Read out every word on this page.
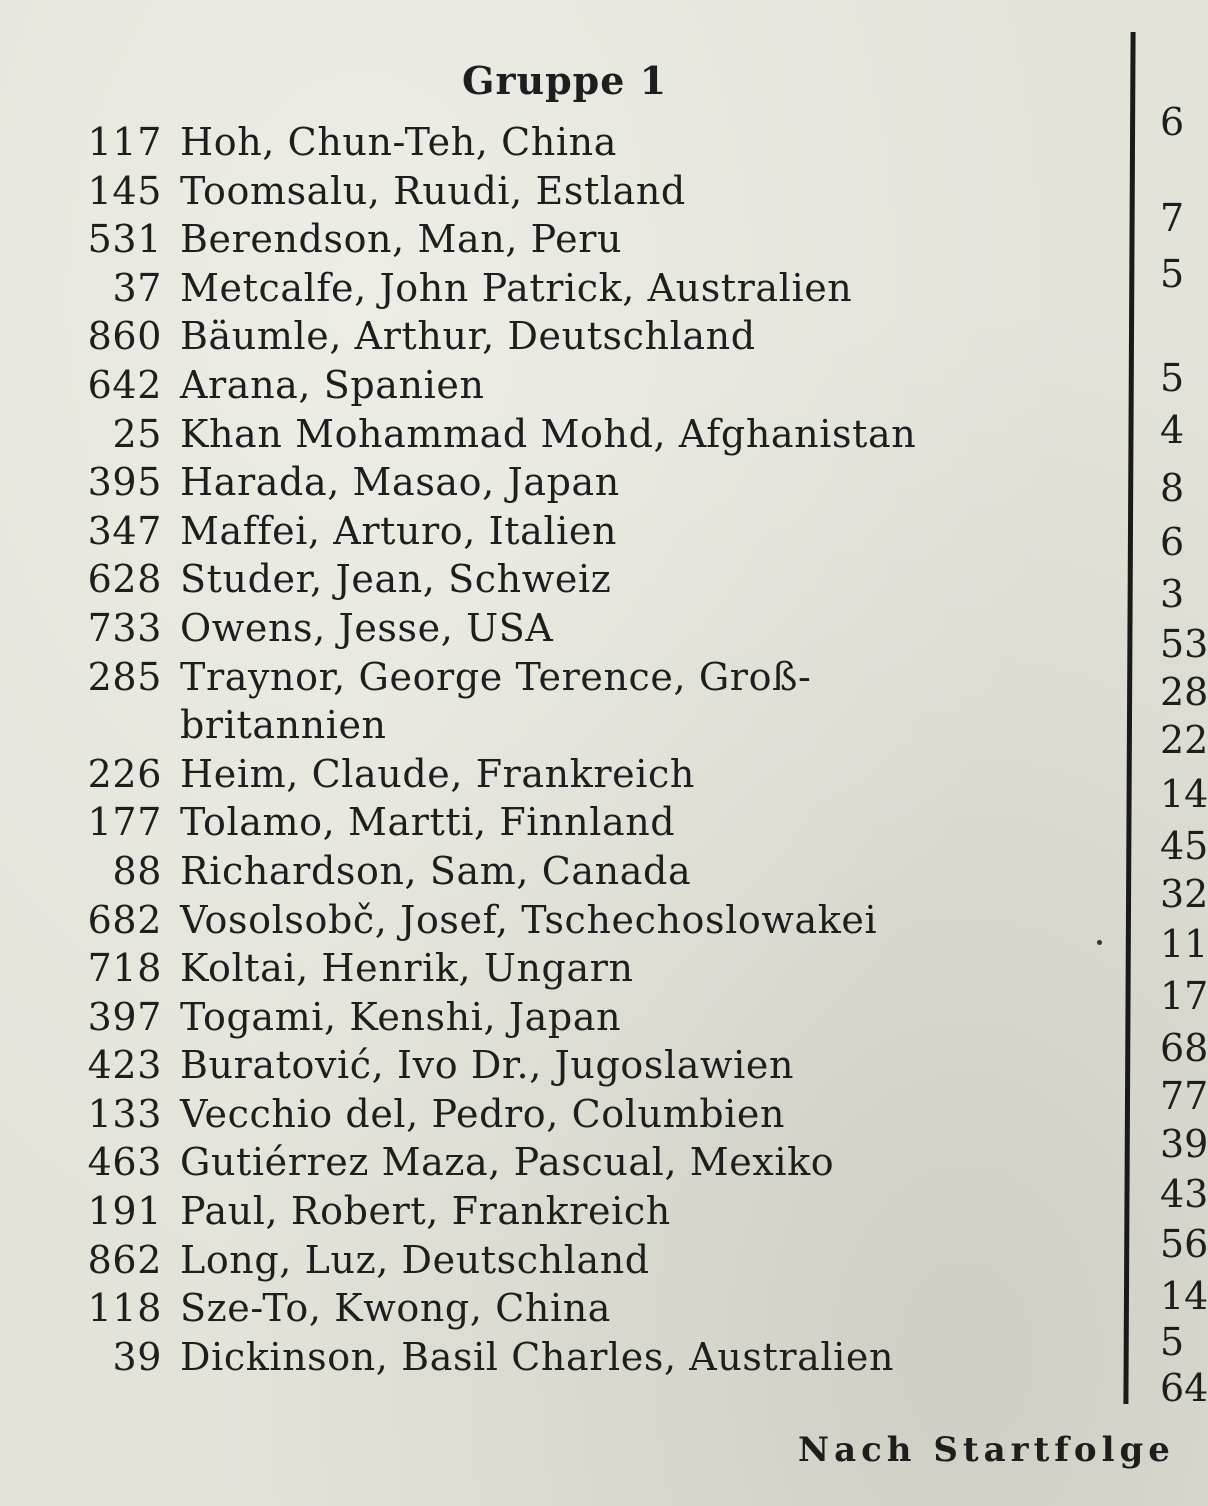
Gruppe 1
117 Hoh, Chun-Teh, China
145 Toomsalu, Ruudi, Estland
531 Berendson, Man, Peru
37 Metcalfe, John Patrick, Australien
860 Bäumle, Arthur, Deutschland
642 Arana, Spanien
25 Khan Mohammad Mohd, Afghanistan
395 Harada, Masao, Japan
347 Maffei, Arturo, Italien
628 Studer, Jean, Schweiz
733 Owens, Jesse, USA
285 Traynor, George Terence, Groß-
britannien
226 Heim, Claude, Frankreich
177 Tolamo, Martti, Finnland
88 Richardson, Sam, Canada
682 Vosolsobč, Josef, Tschechoslowakei
718 Koltai, Henrik, Ungarn
397 Togami, Kenshi, Japan
423 Buratović, Ivo Dr., Jugoslawien
133 Vecchio del, Pedro, Columbien
463 Gutiérrez Maza, Pascual, Mexiko
191 Paul, Robert, Frankreich
862 Long, Luz, Deutschland
118 Sze-To, Kwong, China
39 Dickinson, Basil Charles, Australien
6
7
5
5
4
8
6
3
53
28
22
14
45
32
11
17
68
77
39
43
56
14
5
64
Nach Startfolge
